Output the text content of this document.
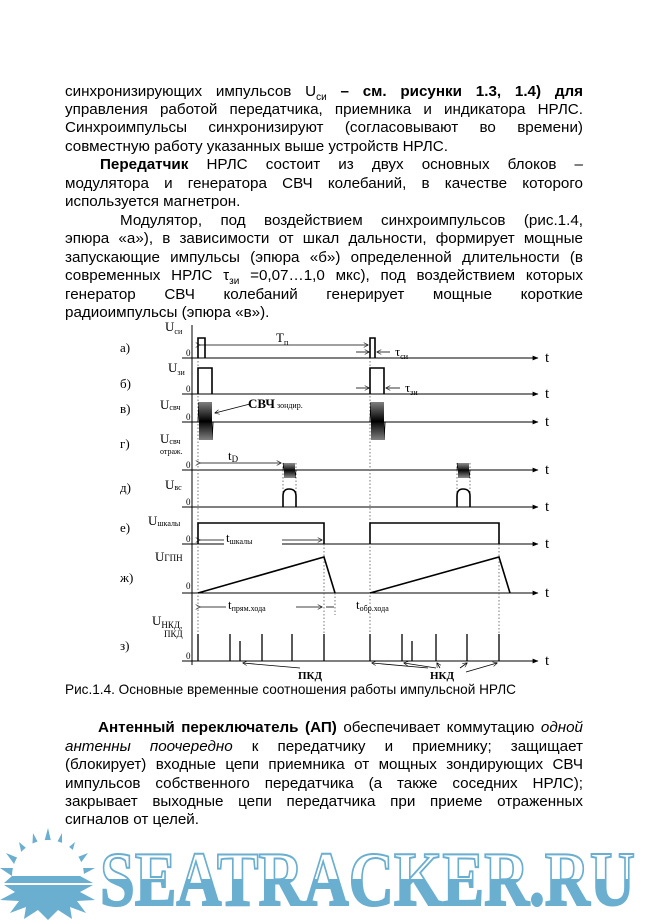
синхронизирующих импульсов $U_{си}$ – см. рисунки 1.3, 1.4) для
управления работой передатчика, приемника и индикатора НРЛС.
Синхроимпульсы синхронизируют (согласовывают во времени)
совместную работу указанных выше устройств НРЛС.
Передатчик НРЛС состоит из двух основных блоков –
модулятора и генератора СВЧ колебаний, в качестве которого
используется магнетрон.
Модулятор, под воздействием синхроимпульсов (рис.1.4,
эпюра «а»), в зависимости от шкал дальности, формирует мощные
запускающие импульсы (эпюра «б») определенной длительности (в
современных НРЛС $\tau_{зи}$ =0,07…1,0 мкс), под воздействием которых
генератор СВЧ колебаний генерирует мощные короткие
радиоимпульсы (эпюра «в»).
а)
б)
в)
г)
д)
е)
ж)
з)
$U_{си}$
$U_{зи}$
Uсвч
Uсвч
отраж.
Uвс
Uшкалы
UГПН
$U_{НКД,}$
ПКД
0
0
0
0
0
0
0
0
t
t
t
t
t
t
t
t
$T_п$
$\tau_{си}$
$\tau_{зи}$
СВЧ зондир.
tD
tшкалы
tпрям.хода	tобр.хода
ПКД	НКД
SEATRACKER.RU
Рис.1.4. Основные временные соотношения работы импульсной НРЛС
Антенный переключатель (АП) обеспечивает коммутацию одной
антенны поочередно к передатчику и приемнику; защищает
(блокирует) входные цепи приемника от мощных зондирующих СВЧ
импульсов собственного передатчика (а также соседних НРЛС);
закрывает выходные цепи передатчика при приеме отраженных
сигналов от целей.
